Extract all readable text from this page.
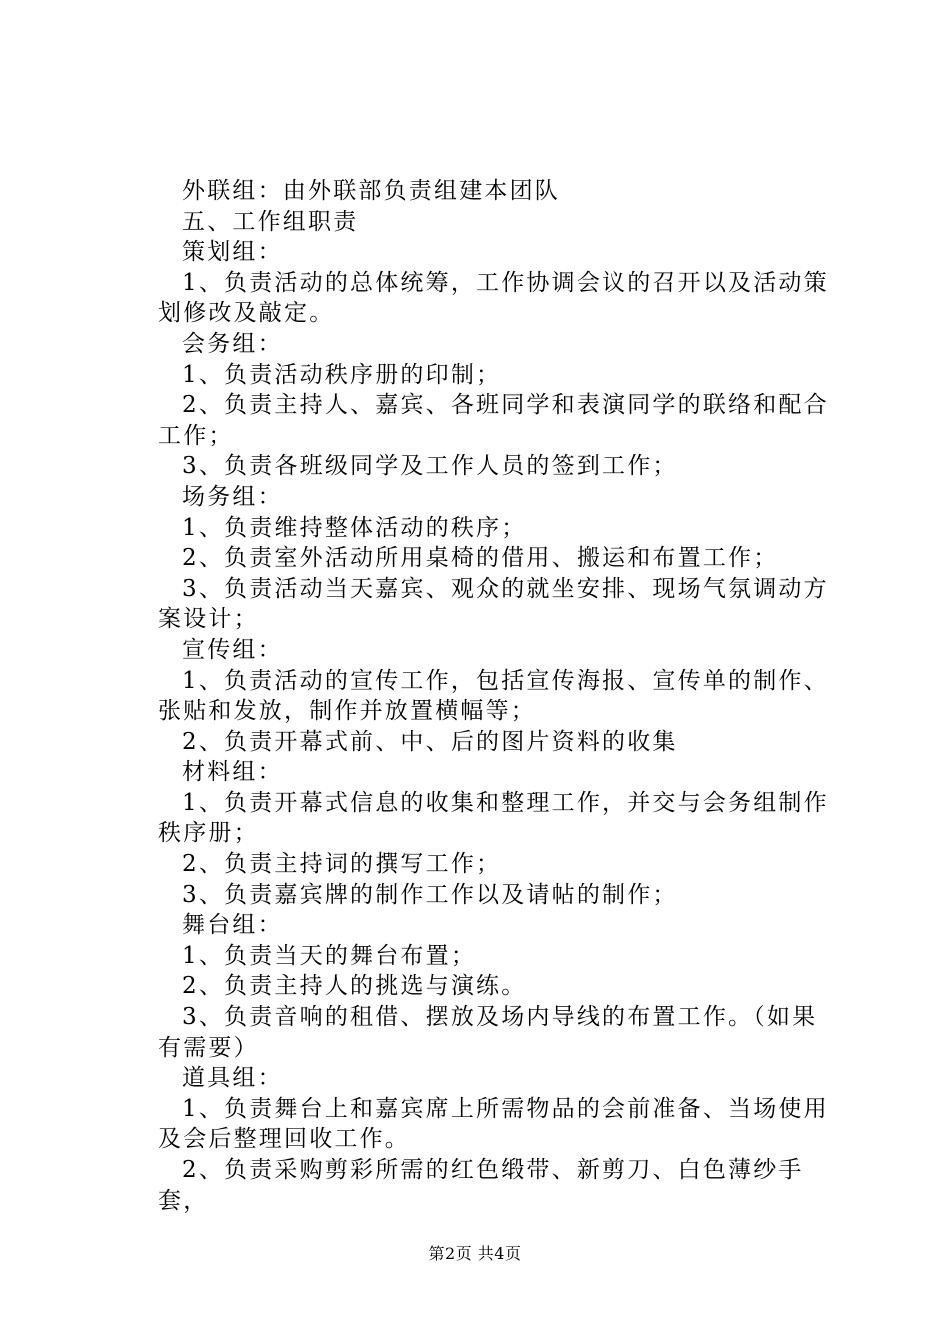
外联组：由外联部负责组建本团队

五、工作组职责

策划组：

1、负责活动的总体统筹，工作协调会议的召开以及活动策划修改及敲定。

会务组：

1、负责活动秩序册的印制；

2、负责主持人、嘉宾、各班同学和表演同学的联络和配合工作；

3、负责各班级同学及工作人员的签到工作；

场务组：

1、负责维持整体活动的秩序；

2、负责室外活动所用桌椅的借用、搬运和布置工作；

3、负责活动当天嘉宾、观众的就坐安排、现场气氛调动方案设计；

宣传组：

1、负责活动的宣传工作，包括宣传海报、宣传单的制作、张贴和发放，制作并放置横幅等；

2、负责开幕式前、中、后的图片资料的收集

材料组：

1、负责开幕式信息的收集和整理工作，并交与会务组制作秩序册；

2、负责主持词的撰写工作；

3、负责嘉宾牌的制作工作以及请帖的制作；

舞台组：

1、负责当天的舞台布置；

2、负责主持人的挑选与演练。

3、负责音响的租借、摆放及场内导线的布置工作。（如果有需要）

道具组：

1、负责舞台上和嘉宾席上所需物品的会前准备、当场使用及会后整理回收工作。

2、负责采购剪彩所需的红色缎带、新剪刀、白色薄纱手套，

第2页 共4页
